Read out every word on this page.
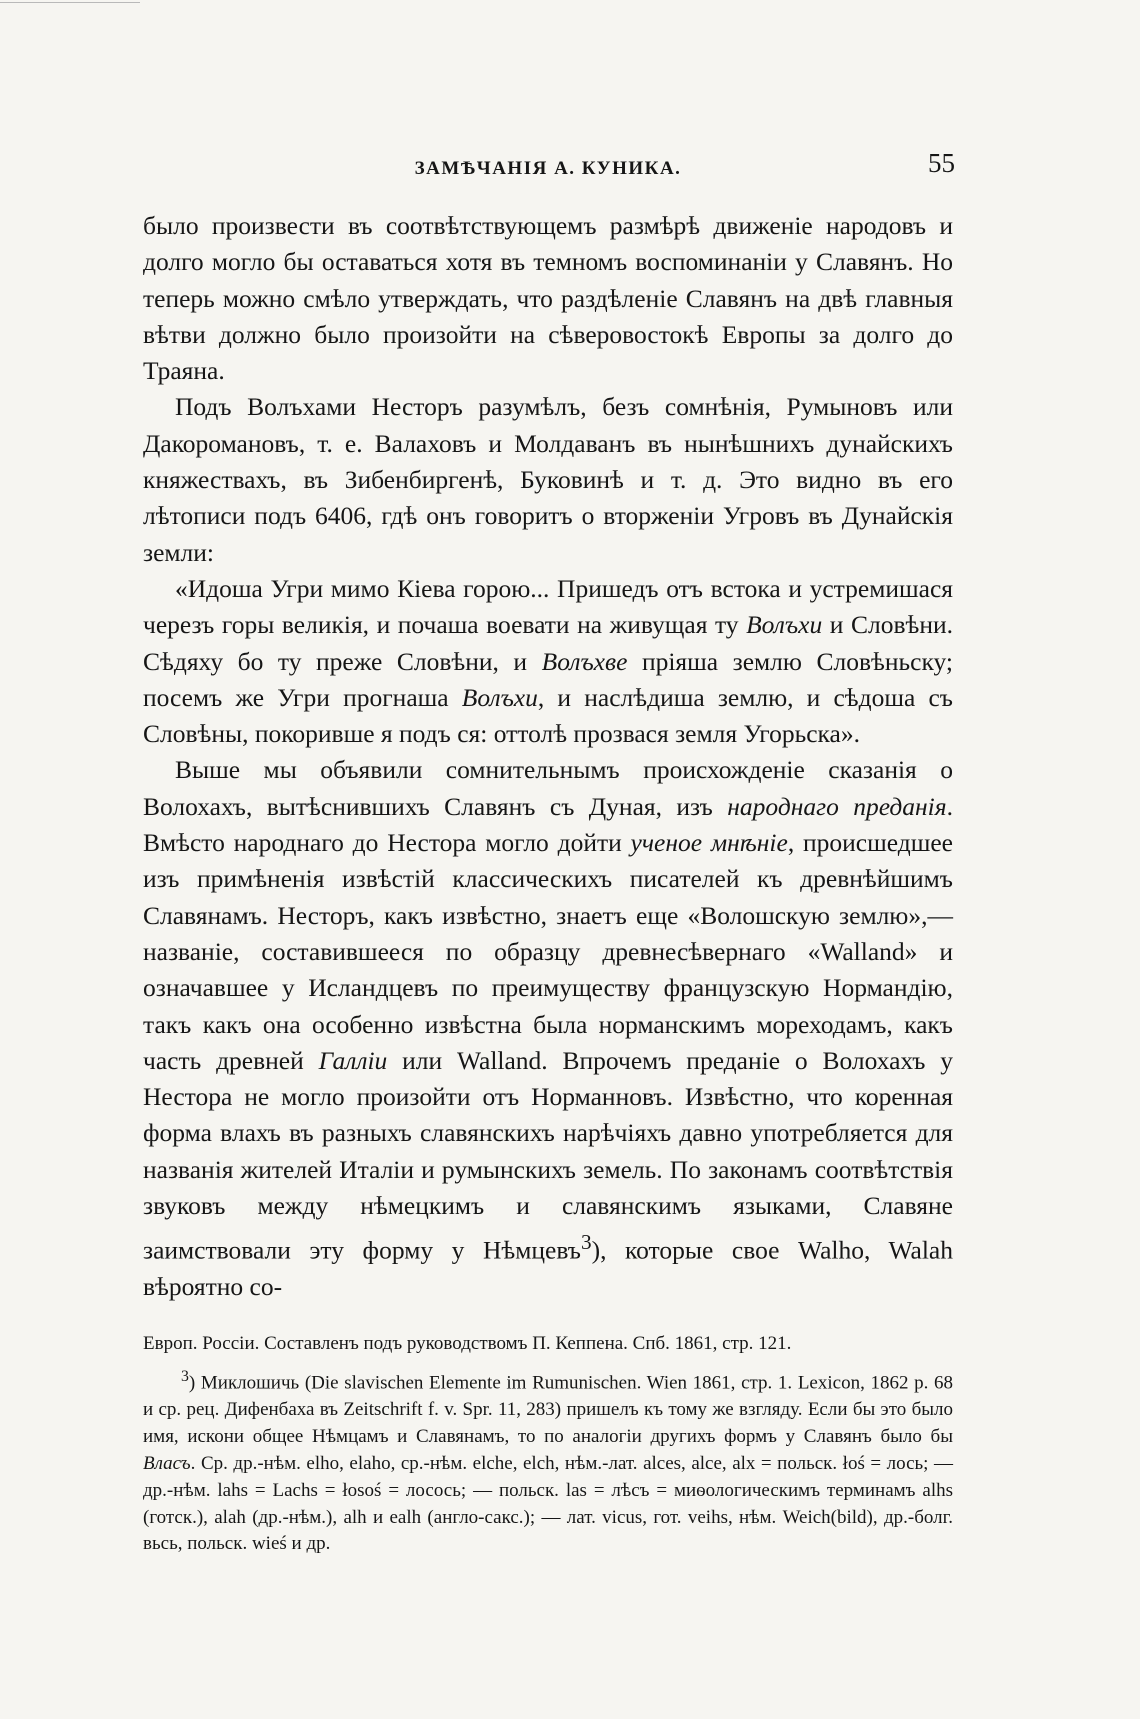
ЗАМѢЧАНІЯ А. КУНИКА.	55

было произвести въ соотвѣтствующемъ размѣрѣ движеніе народовъ и долго могло бы оставаться хотя въ темномъ воспоминаніи у Славянъ. Но теперь можно смѣло утверждать, что раздѣленіе Славянъ на двѣ главныя вѣтви должно было произойти на сѣверовостокѣ Европы за долго до Траяна.

Подъ Волъхами Несторъ разумѣлъ, безъ сомнѣнія, Румыновъ или Дакоромановъ, т. е. Валаховъ и Молдаванъ въ нынѣшнихъ дунайскихъ княжествахъ, въ Зибенбиргенѣ, Буковинѣ и т. д. Это видно въ его лѣтописи подъ 6406, гдѣ онъ говоритъ о вторженіи Угровъ въ Дунайскія земли:

«Идоша Угри мимо Кіева горою... Пришедъ отъ встока и устремишася черезъ горы великія, и почаша воевати на живущая ту Волъхи и Словѣни. Сѣдяху бо ту преже Словѣни, и Волъхве пріяша землю Словѣньску; посемъ же Угри прогнаша Волъхи, и наслѣдиша землю, и сѣдоша съ Словѣны, покоривше я подъ ся: оттолѣ прозвася земля Угорьска».

Выше мы объявили сомнительнымъ происхожденіе сказанія о Волохахъ, вытѣснившихъ Славянъ съ Дуная, изъ народнаго преданія. Вмѣсто народнаго до Нестора могло дойти ученое мнѣніе, происшедшее изъ примѣненія извѣстій классическихъ писателей къ древнѣйшимъ Славянамъ. Несторъ, какъ извѣстно, знаетъ еще «Волошскую землю»,—названіе, составившееся по образцу древнесѣвернаго «Walland» и означавшее у Исландцевъ по преимуществу французскую Нормандію, такъ какъ она особенно извѣстна была норманскимъ мореходамъ, какъ часть древней Галліи или Walland. Впрочемъ преданіе о Волохахъ у Нестора не могло произойти отъ Норманновъ. Извѣстно, что коренная форма влахъ въ разныхъ славянскихъ нарѣчіяхъ давно употребляется для названія жителей Италіи и румынскихъ земель. По законамъ соотвѣтствія звуковъ между нѣмецкимъ и славянскимъ языками, Славяне заимствовали эту форму у Нѣмцевъ$^3$), которые свое Walho, Walah вѣроятно со-

Европ. Россіи. Составленъ подъ руководствомъ П. Кеппена. Спб. 1861, стр. 121.

$^3$) Миклошичь (Die slavischen Elemente im Rumunischen. Wien 1861, стр. 1. Lexicon, 1862 p. 68 и ср. рец. Дифенбаха въ Zeitschrift f. v. Spr. 11, 283) пришелъ къ тому же взгляду. Если бы это было имя, искони общее Нѣмцамъ и Славянамъ, то по аналогіи другихъ формъ у Славянъ было бы Власъ. Ср. др.-нѣм. elho, elaho, ср.-нѣм. elche, elch, нѣм.-лат. alces, alce, alx = польск. łoś = лось; — др.-нѣм. lahs = Lachs = łosoś = лосось; — польск. las = лѣсъ = миѳологическимъ терминамъ alhs (готск.), alah (др.-нѣм.), alh и ealh (англо-сакс.); — лат. vicus, гот. veihs, нѣм. Weich(bild), др.-болг. вьсь, польск. wieś и др.
